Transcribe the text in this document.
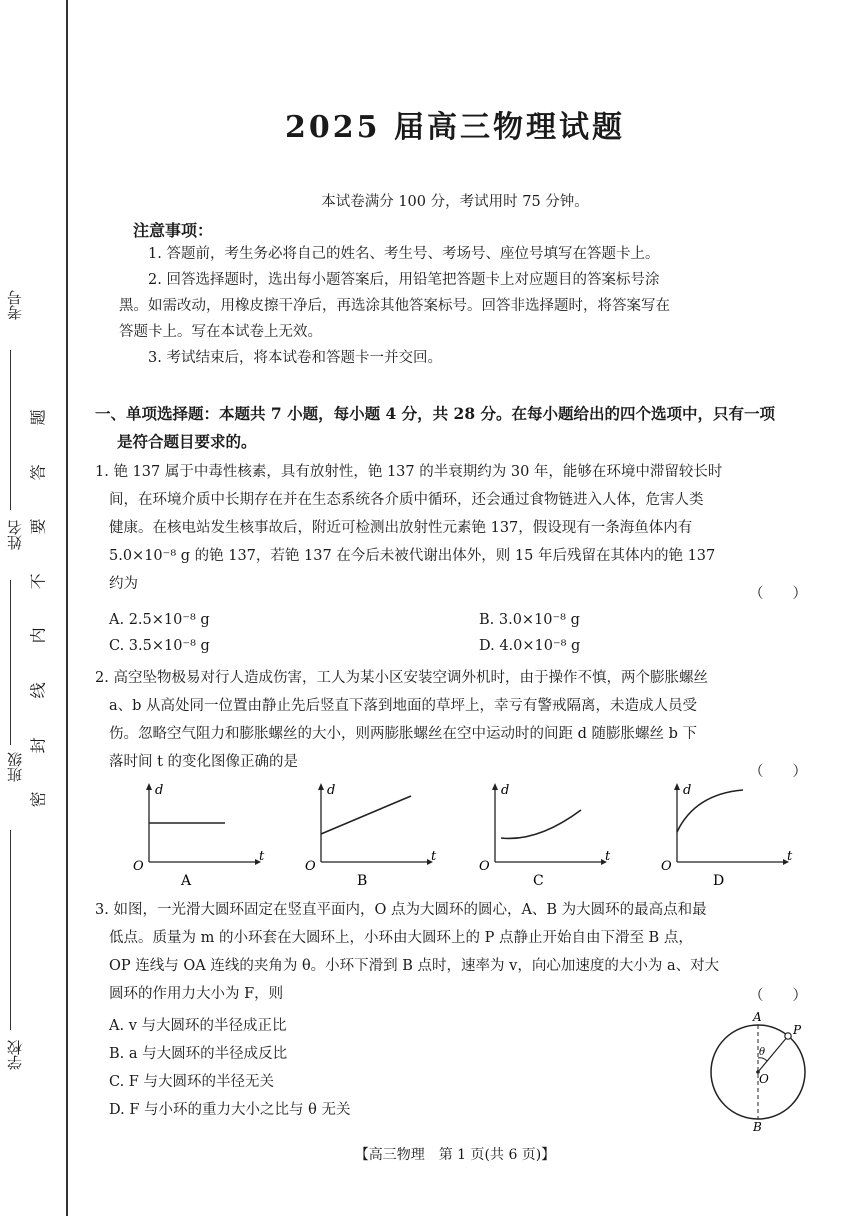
学校
班级
姓名
考号
题
答
要
不
内
线
封
密
2025 届高三物理试题
本试卷满分 100 分，考试用时 75 分钟。
注意事项：
1. 答题前，考生务必将自己的姓名、考生号、考场号、座位号填写在答题卡上。
2. 回答选择题时，选出每小题答案后，用铅笔把答题卡上对应题目的答案标号涂
黑。如需改动，用橡皮擦干净后，再选涂其他答案标号。回答非选择题时，将答案写在
答题卡上。写在本试卷上无效。
3. 考试结束后，将本试卷和答题卡一并交回。
一、单项选择题：本题共 7 小题，每小题 4 分，共 28 分。在每小题给出的四个选项中，只有一项
是符合题目要求的。
1. 铯 137 属于中毒性核素，具有放射性，铯 137 的半衰期约为 30 年，能够在环境中滞留较长时
间，在环境介质中长期存在并在生态系统各介质中循环，还会通过食物链进入人体，危害人类
健康。在核电站发生核事故后，附近可检测出放射性元素铯 137，假设现有一条海鱼体内有
5.0×10⁻⁸ g 的铯 137，若铯 137 在今后未被代谢出体外，则 15 年后残留在其体内的铯 137
约为
（　　）
A. 2.5×10⁻⁸ g	B. 3.0×10⁻⁸ g
C. 3.5×10⁻⁸ g	D. 4.0×10⁻⁸ g
2. 高空坠物极易对行人造成伤害，工人为某小区安装空调外机时，由于操作不慎，两个膨胀螺丝
a、b 从高处同一位置由静止先后竖直下落到地面的草坪上，幸亏有警戒隔离，未造成人员受
伤。忽略空气阻力和膨胀螺丝的大小，则两膨胀螺丝在空中运动时的间距 d 随膨胀螺丝 b 下
落时间 t 的变化图像正确的是
（　　）
d
t
O
A
d
t
O
B
d
t
O
C
d
t
O
D
3. 如图，一光滑大圆环固定在竖直平面内，O 点为大圆环的圆心，A、B 为大圆环的最高点和最
低点。质量为 m 的小环套在大圆环上，小环由大圆环上的 P 点静止开始自由下滑至 B 点，
OP 连线与 OA 连线的夹角为 θ。小环下滑到 B 点时，速率为 v，向心加速度的大小为 a、对大
圆环的作用力大小为 F，则	（　　）
A. v 与大圆环的半径成正比
B. a 与大圆环的半径成反比
C. F 与大圆环的半径无关
D. F 与小环的重力大小之比与 θ 无关
A
P
O
θ
B
【高三物理　第 1 页(共 6 页)】
